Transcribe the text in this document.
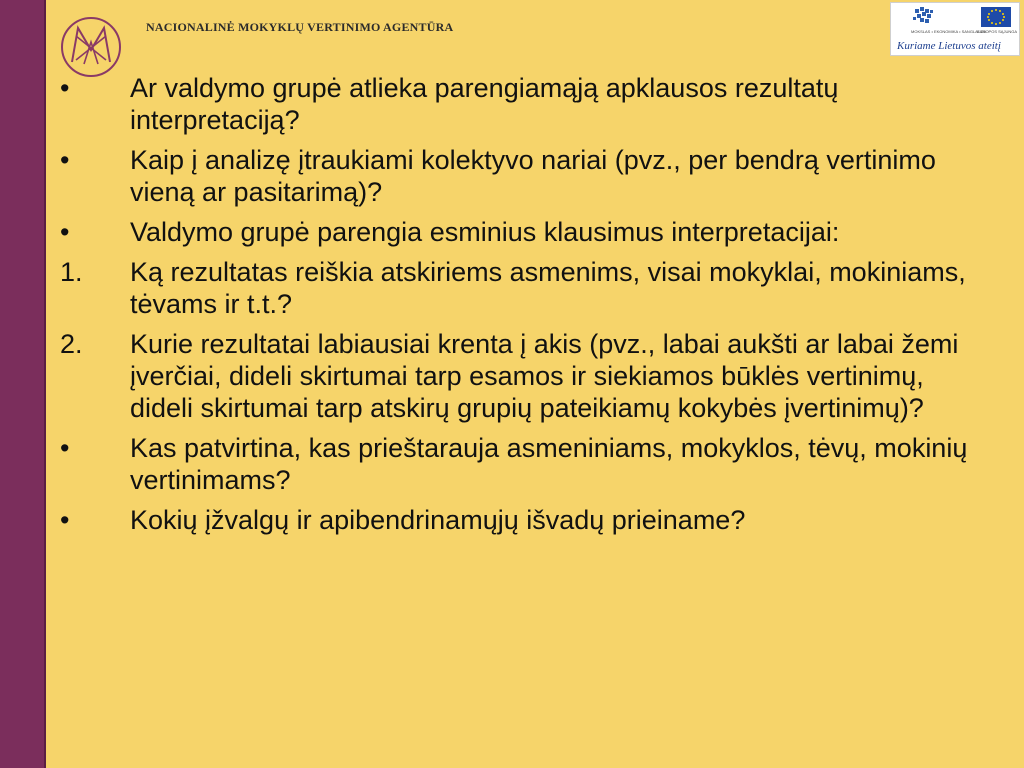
NACIONALINĖ MOKYKLŲ VERTINIMO AGENTŪRA	MOKSLAS • EKONOMIKA • SANGLAUDA
EUROPOS SĄJUNGA
Kuriame Lietuvos ateitį
•	Ar valdymo grupė atlieka parengiamąją apklausos rezultatų interpretaciją?
•	Kaip į analizę įtraukiami kolektyvo nariai (pvz., per bendrą vertinimo vieną ar pasitarimą)?
•	Valdymo grupė parengia esminius klausimus interpretacijai:
1.	Ką rezultatas reiškia atskiriems asmenims, visai mokyklai, mokiniams, tėvams ir t.t.?
2.	Kurie rezultatai labiausiai krenta į akis (pvz., labai aukšti ar labai žemi įverčiai, dideli skirtumai tarp esamos ir siekiamos būklės vertinimų, dideli skirtumai tarp atskirų grupių pateikiamų kokybės įvertinimų)?
•	Kas patvirtina, kas prieštarauja asmeniniams, mokyklos, tėvų, mokinių vertinimams?
•	Kokių įžvalgų ir apibendrinamųjų išvadų prieiname?
